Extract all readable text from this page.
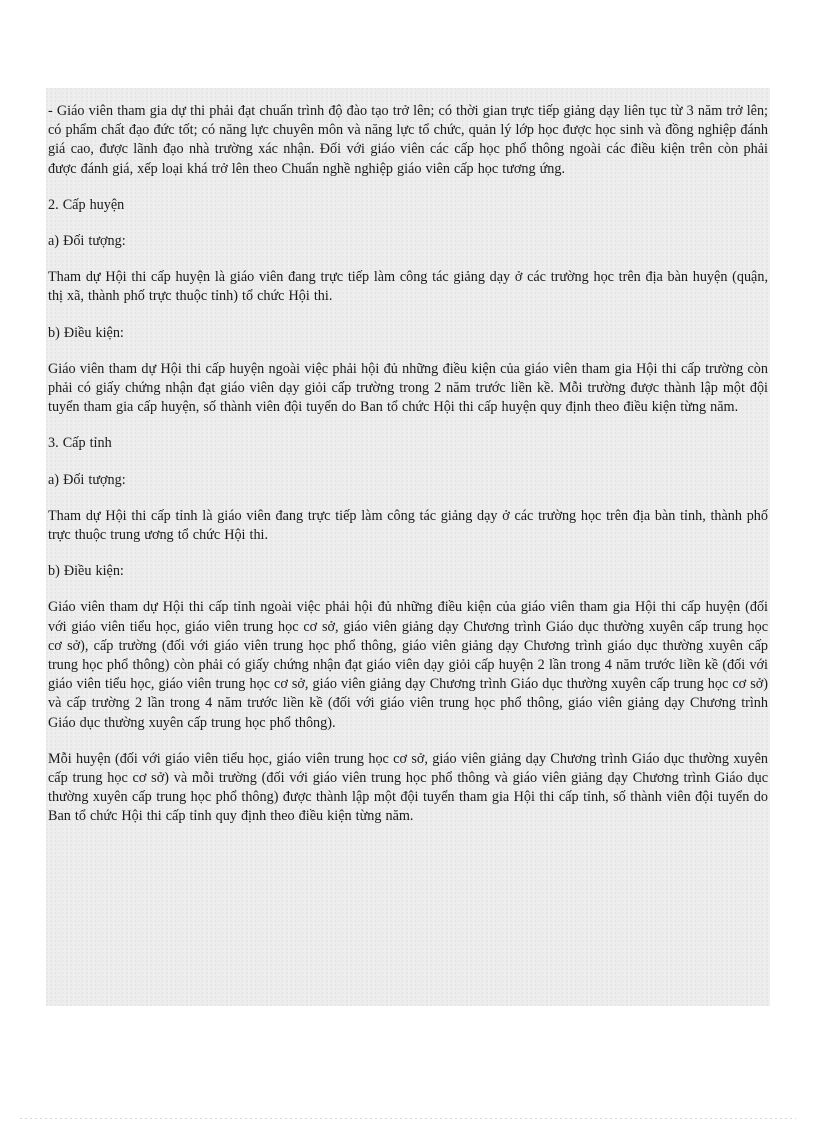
- Giáo viên tham gia dự thi phải đạt chuẩn trình độ đào tạo trở lên; có thời gian trực tiếp giảng dạy liên tục từ 3 năm trở lên; có phẩm chất đạo đức tốt; có năng lực chuyên môn và năng lực tổ chức, quản lý lớp học được học sinh và đồng nghiệp đánh giá cao, được lãnh đạo nhà trường xác nhận. Đối với giáo viên các cấp học phổ thông ngoài các điều kiện trên còn phải được đánh giá, xếp loại khá trở lên theo Chuẩn nghề nghiệp giáo viên cấp học tương ứng.

2. Cấp huyện

a) Đối tượng:

Tham dự Hội thi cấp huyện là giáo viên đang trực tiếp làm công tác giảng dạy ở các trường học trên địa bàn huyện (quận, thị xã, thành phố trực thuộc tỉnh) tổ chức Hội thi.

b) Điều kiện:

Giáo viên tham dự Hội thi cấp huyện ngoài việc phải hội đủ những điều kiện của giáo viên tham gia Hội thi cấp trường còn phải có giấy chứng nhận đạt giáo viên dạy giỏi cấp trường trong 2 năm trước liền kề. Mỗi trường được thành lập một đội tuyển tham gia cấp huyện, số thành viên đội tuyển do Ban tổ chức Hội thi cấp huyện quy định theo điều kiện từng năm.

3. Cấp tỉnh

a) Đối tượng:

Tham dự Hội thi cấp tỉnh là giáo viên đang trực tiếp làm công tác giảng dạy ở các trường học trên địa bàn tỉnh, thành phố trực thuộc trung ương tổ chức Hội thi.

b) Điều kiện:

Giáo viên tham dự Hội thi cấp tỉnh ngoài việc phải hội đủ những điều kiện của giáo viên tham gia Hội thi cấp huyện (đối với giáo viên tiểu học, giáo viên trung học cơ sở, giáo viên giảng dạy Chương trình Giáo dục thường xuyên cấp trung học cơ sở), cấp trường (đối với giáo viên trung học phổ thông, giáo viên giảng dạy Chương trình giáo dục thường xuyên cấp trung học phổ thông) còn phải có giấy chứng nhận đạt giáo viên dạy giỏi cấp huyện 2 lần trong 4 năm trước liền kề (đối với giáo viên tiểu học, giáo viên trung học cơ sở, giáo viên giảng dạy Chương trình Giáo dục thường xuyên cấp trung học cơ sở) và cấp trường 2 lần trong 4 năm trước liền kề (đối với giáo viên trung học phổ thông, giáo viên giảng dạy Chương trình Giáo dục thường xuyên cấp trung học phổ thông).

Mỗi huyện (đối với giáo viên tiểu học, giáo viên trung học cơ sở, giáo viên giảng dạy Chương trình Giáo dục thường xuyên cấp trung học cơ sở) và mỗi trường (đối với giáo viên trung học phổ thông và giáo viên giảng dạy Chương trình Giáo dục thường xuyên cấp trung học phổ thông) được thành lập một đội tuyển tham gia Hội thi cấp tỉnh, số thành viên đội tuyển do Ban tổ chức Hội thi cấp tỉnh quy định theo điều kiện từng năm.
